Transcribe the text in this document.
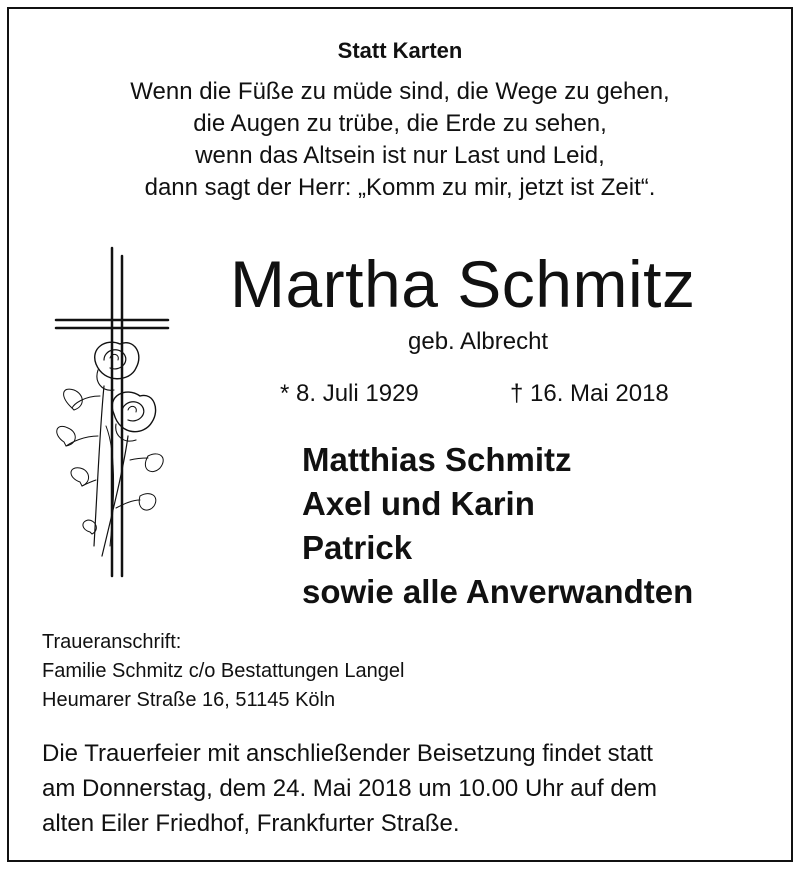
Statt Karten
Wenn die Füße zu müde sind, die Wege zu gehen,
die Augen zu trübe, die Erde zu sehen,
wenn das Altsein ist nur Last und Leid,
dann sagt der Herr: „Komm zu mir, jetzt ist Zeit“.
Martha Schmitz
geb. Albrecht
* 8. Juli 1929	† 16. Mai 2018
Matthias Schmitz
Axel und Karin
Patrick
sowie alle Anverwandten
Traueranschrift:
Familie Schmitz c/o Bestattungen Langel
Heumarer Straße 16, 51145 Köln
Die Trauerfeier mit anschließender Beisetzung findet statt
am Donnerstag, dem 24. Mai 2018 um 10.00 Uhr auf dem
alten Eiler Friedhof, Frankfurter Straße.
